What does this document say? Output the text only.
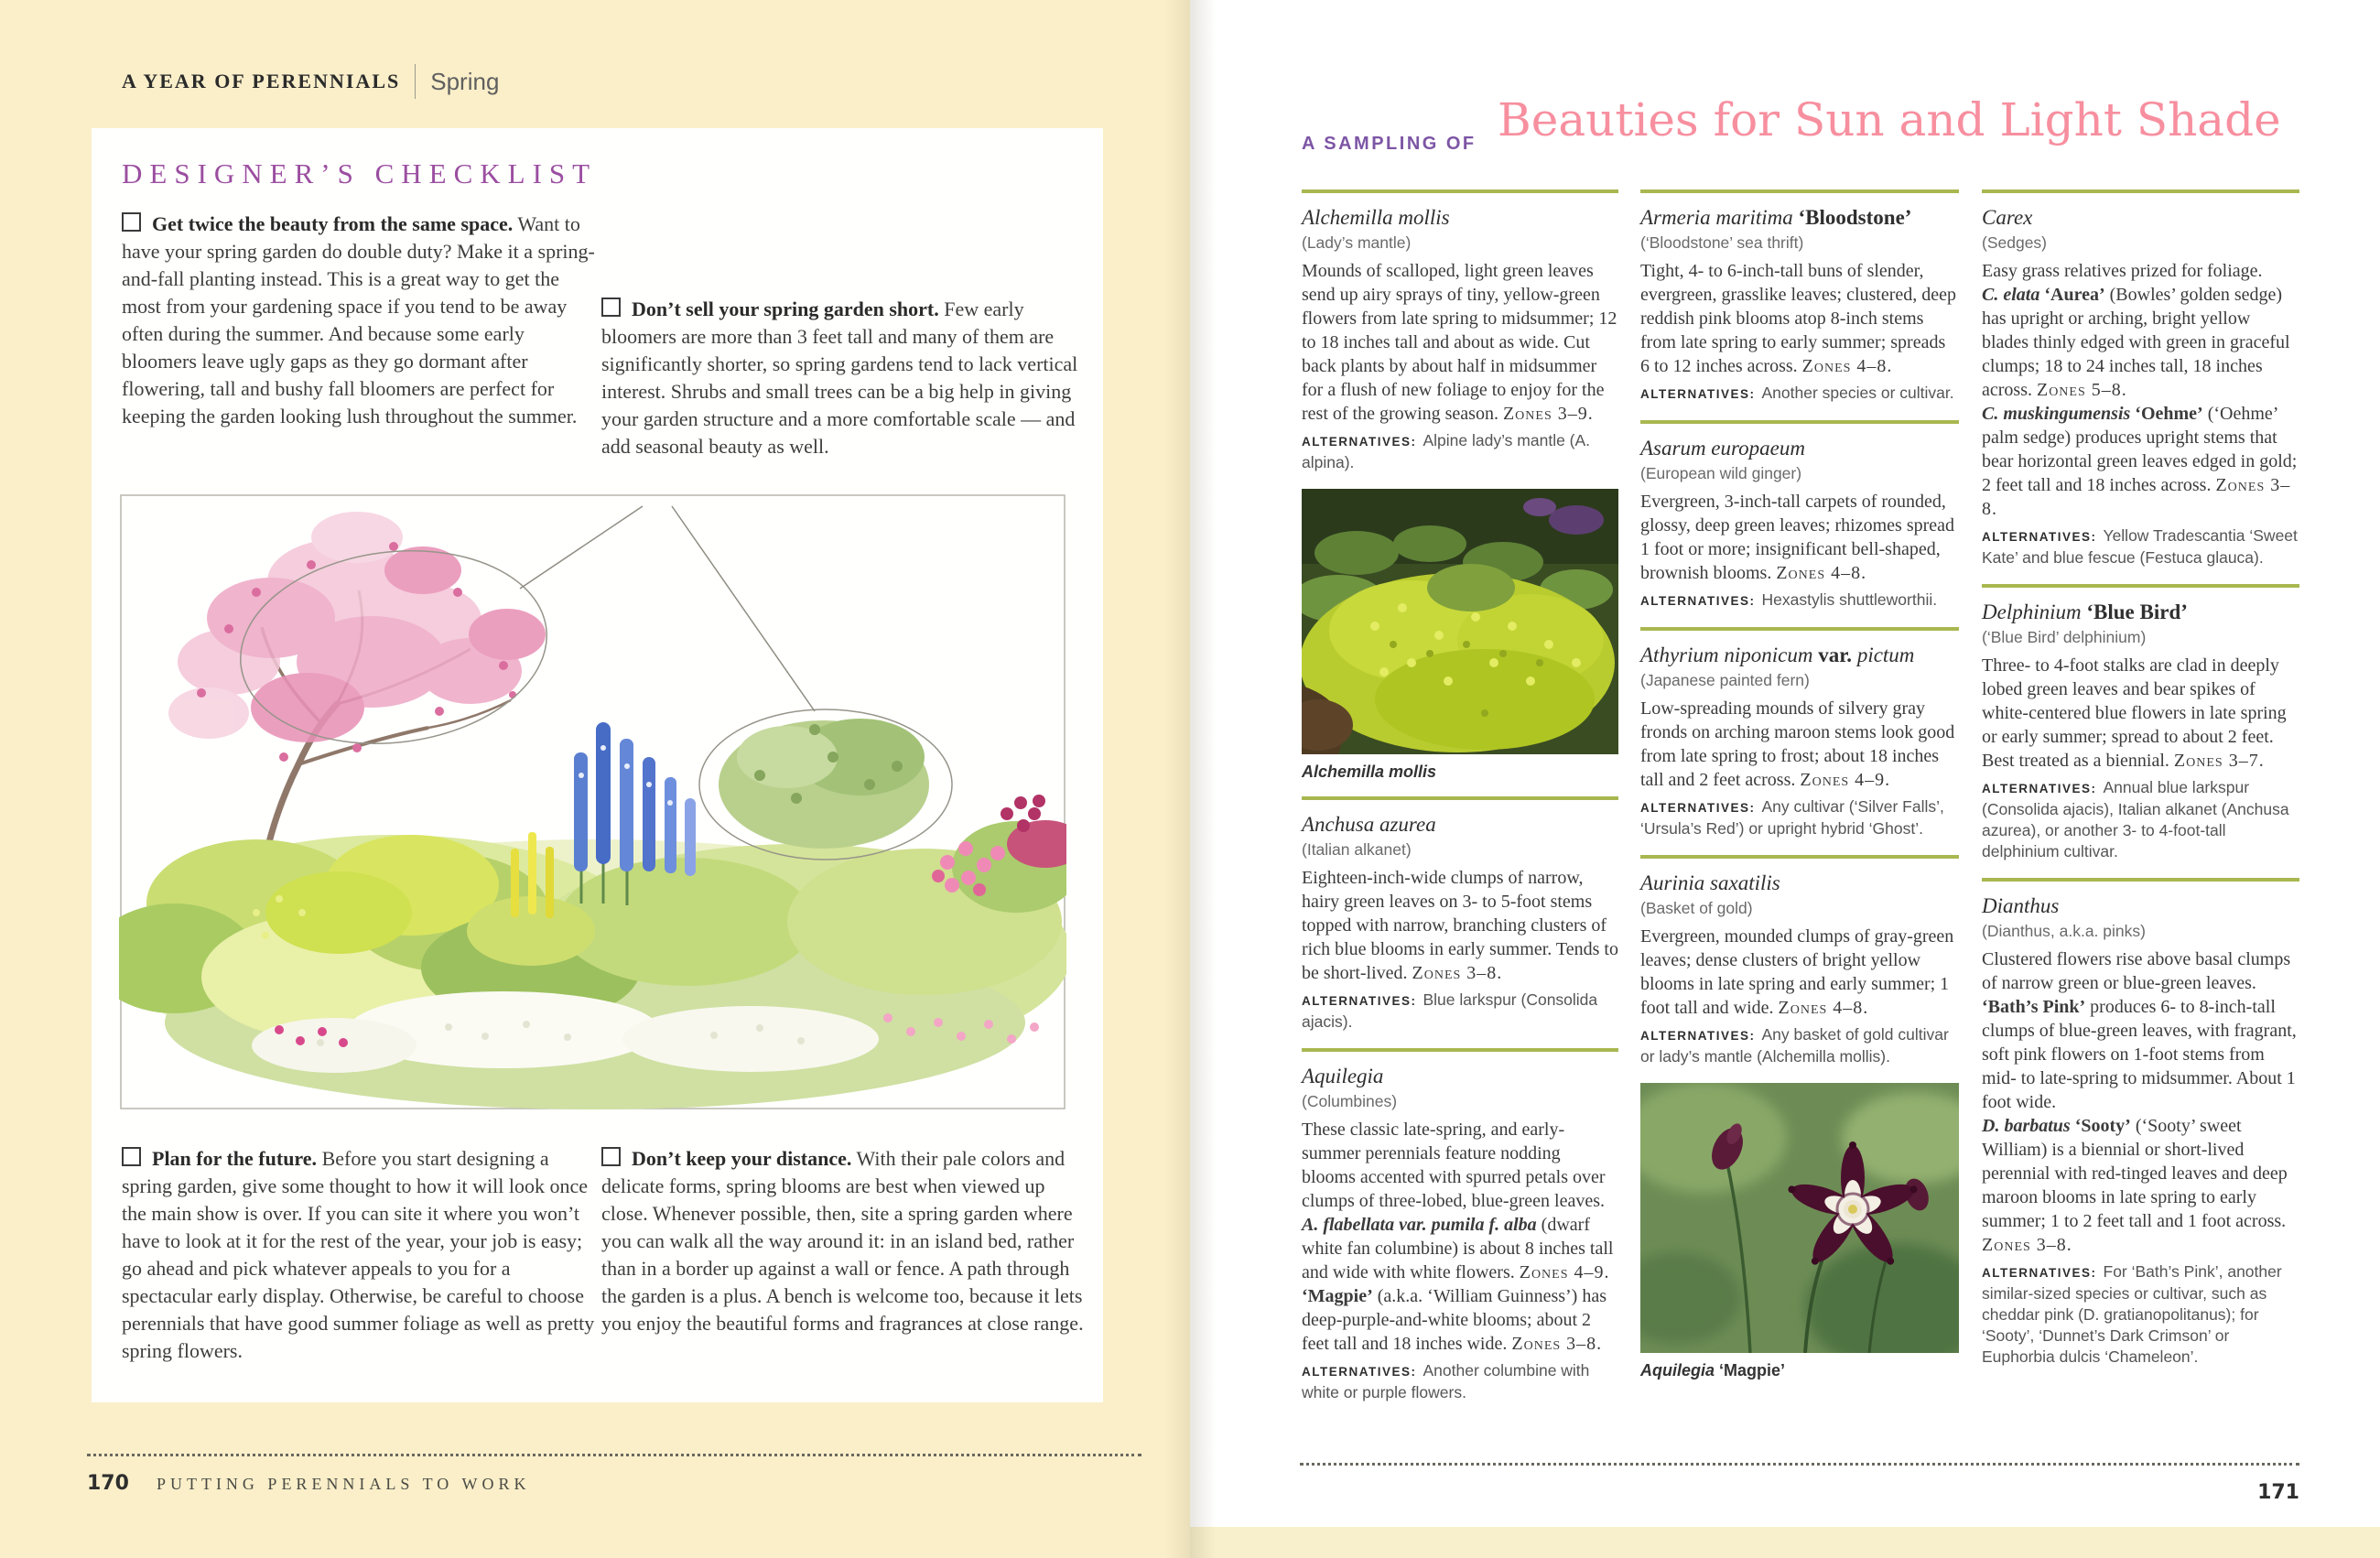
A YEAR OF PERENNIALS Spring
DESIGNER’S CHECKLIST
Get twice the beauty from the same space. Want to have your spring garden do double duty? Make it a spring-and-fall planting instead. This is a great way to get the most from your gardening space if you tend to be away often during the summer. And because some early bloomers leave ugly gaps as they go dormant after flowering, tall and bushy fall bloomers are perfect for keeping the garden looking lush throughout the summer.
Don’t sell your spring garden short. Few early bloomers are more than 3 feet tall and many of them are significantly shorter, so spring gardens tend to lack vertical interest. Shrubs and small trees can be a big help in giving your garden structure and a more comfortable scale — and add seasonal beauty as well.
Plan for the future. Before you start designing a spring garden, give some thought to how it will look once the main show is over. If you can site it where you won’t have to look at it for the rest of the year, your job is easy; go ahead and pick whatever appeals to you for a spectacular early display. Otherwise, be careful to choose perennials that have good summer foliage as well as pretty spring flowers.
Don’t keep your distance. With their pale colors and delicate forms, spring blooms are best when viewed up close. Whenever possible, then, site a spring garden where you can walk all the way around it: in an island bed, rather than in a border up against a wall or fence. A path through the garden is a plus. A bench is welcome too, because it lets you enjoy the beautiful forms and fragrances at close range.
170 PUTTING PERENNIALS TO WORK
A SAMPLING OF Beauties for Sun and Light Shade
Alchemilla mollis
(Lady’s mantle)
Mounds of scalloped, light green leaves send up airy sprays of tiny, yellow-green flowers from late spring to midsummer; 12 to 18 inches tall and about as wide. Cut back plants by about half in midsummer for a flush of new foliage to enjoy for the rest of the growing season. Zones 3–9.
ALTERNATIVES: Alpine lady’s mantle (A. alpina).
Alchemilla mollis
Anchusa azurea
(Italian alkanet)
Eighteen-inch-wide clumps of narrow, hairy green leaves on 3- to 5-foot stems topped with narrow, branching clusters of rich blue blooms in early summer. Tends to be short-lived. Zones 3–8.
ALTERNATIVES: Blue larkspur (Consolida ajacis).
Aquilegia
(Columbines)
These classic late-spring, and early-summer perennials feature nodding blooms accented with spurred petals over clumps of three-lobed, blue-green leaves.
A. flabellata var. pumila f. alba (dwarf white fan columbine) is about 8 inches tall and wide with white flowers. Zones 4–9.
‘Magpie’ (a.k.a. ‘William Guinness’) has deep-purple-and-white blooms; about 2 feet tall and 18 inches wide. Zones 3–8.
ALTERNATIVES: Another columbine with white or purple flowers.
Armeria maritima ‘Bloodstone’
(‘Bloodstone’ sea thrift)
Tight, 4- to 6-inch-tall buns of slender, evergreen, grasslike leaves; clustered, deep reddish pink blooms atop 8-inch stems from late spring to early summer; spreads 6 to 12 inches across. Zones 4–8.
ALTERNATIVES: Another species or cultivar.
Asarum europaeum
(European wild ginger)
Evergreen, 3-inch-tall carpets of rounded, glossy, deep green leaves; rhizomes spread 1 foot or more; insignificant bell-shaped, brownish blooms. Zones 4–8.
ALTERNATIVES: Hexastylis shuttleworthii.
Athyrium niponicum var. pictum
(Japanese painted fern)
Low-spreading mounds of silvery gray fronds on arching maroon stems look good from late spring to frost; about 18 inches tall and 2 feet across. Zones 4–9.
ALTERNATIVES: Any cultivar (‘Silver Falls’, ‘Ursula’s Red’) or upright hybrid ‘Ghost’.
Aurinia saxatilis
(Basket of gold)
Evergreen, mounded clumps of gray-green leaves; dense clusters of bright yellow blooms in late spring and early summer; 1 foot tall and wide. Zones 4–8.
ALTERNATIVES: Any basket of gold cultivar or lady’s mantle (Alchemilla mollis).
Aquilegia ‘Magpie’
Carex
(Sedges)
Easy grass relatives prized for foliage.
C. elata ‘Aurea’ (Bowles’ golden sedge) has upright or arching, bright yellow blades thinly edged with green in graceful clumps; 18 to 24 inches tall, 18 inches across. Zones 5–8.
C. muskingumensis ‘Oehme’ (‘Oehme’ palm sedge) produces upright stems that bear horizontal green leaves edged in gold; 2 feet tall and 18 inches across. Zones 3–8.
ALTERNATIVES: Yellow Tradescantia ‘Sweet Kate’ and blue fescue (Festuca glauca).
Delphinium ‘Blue Bird’
(‘Blue Bird’ delphinium)
Three- to 4-foot stalks are clad in deeply lobed green leaves and bear spikes of white-centered blue flowers in late spring or early summer; spread to about 2 feet. Best treated as a biennial. Zones 3–7.
ALTERNATIVES: Annual blue larkspur (Consolida ajacis), Italian alkanet (Anchusa azurea), or another 3- to 4-foot-tall delphinium cultivar.
Dianthus
(Dianthus, a.k.a. pinks)
Clustered flowers rise above basal clumps of narrow green or blue-green leaves.
‘Bath’s Pink’ produces 6- to 8-inch-tall clumps of blue-green leaves, with fragrant, soft pink flowers on 1-foot stems from mid- to late-spring to midsummer. About 1 foot wide.
D. barbatus ‘Sooty’ (‘Sooty’ sweet William) is a biennial or short-lived perennial with red-tinged leaves and deep maroon blooms in late spring to early summer; 1 to 2 feet tall and 1 foot across. Zones 3–8.
ALTERNATIVES: For ‘Bath’s Pink’, another similar-sized species or cultivar, such as cheddar pink (D. gratianopolitanus); for ‘Sooty’, ‘Dunnet’s Dark Crimson’ or Euphorbia dulcis ‘Chameleon’.
171
